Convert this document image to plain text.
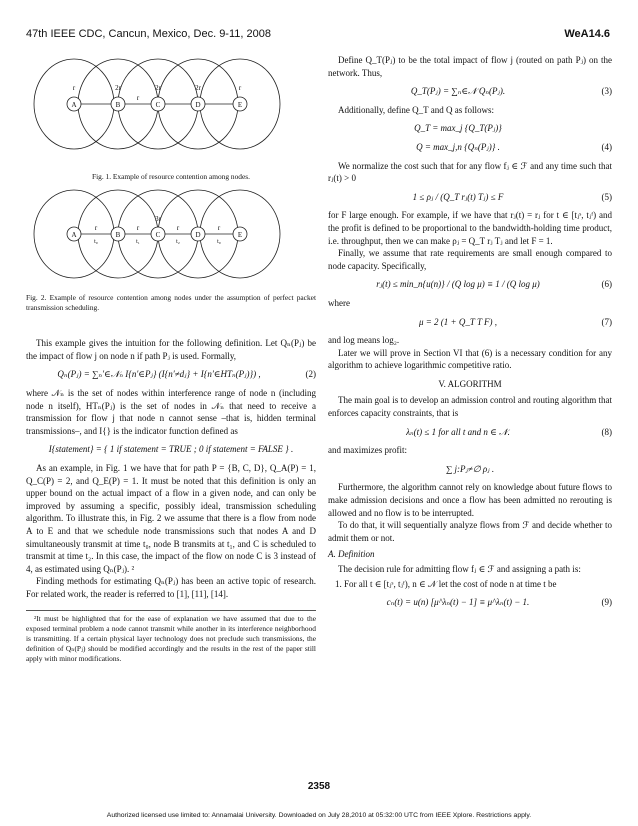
47th IEEE CDC, Cancun, Mexico, Dec. 9-11, 2008	WeA14.6
A	B	C	D	E
r	2r	2r	2r	r
r

Fig. 1. Example of resource contention among nodes.

A	B	C	D	E
r	r	r	r
3r
t₀	t₁	t₂	t₀

Fig. 2. Example of resource contention among nodes under the assumption of perfect packet transmission scheduling.

This example gives the intuition for the following definition. Let Qₙ(Pⱼ) be the impact of flow j on node n if path Pⱼ is used. Formally,

Qₙ(Pⱼ) = ∑ₙ′∈𝒩ₙ I{n′∈Pⱼ} (I{n′≠dⱼ} + I{n′∈HTₙ(Pⱼ)}) ,	(2)

where 𝒩ₙ is the set of nodes within interference range of node n (including node n itself), HTₙ(Pⱼ) is the set of nodes in 𝒩ₙ that need to receive a transmission for flow j that node n cannot sense –that is, hidden terminal transmissions–, and I{} is the indicator function defined as

I{statement} = { 1 if statement = TRUE ; 0 if statement = FALSE } .

As an example, in Fig. 1 we have that for path P = {B, C, D}, Q_A(P) = 1, Q_C(P) = 2, and Q_E(P) = 1. It must be noted that this definition is only an upper bound on the actual impact of a flow in a given node, and can only be improved by assuming a specific, possibly ideal, transmission scheduling algorithm. To illustrate this, in Fig. 2 we assume that there is a flow from node A to E and that we schedule node transmissions such that nodes A and D simultaneously transmit at time t₀, node B transmits at t₁, and C is scheduled to transmit at time t₂. In this case, the impact of the flow on node C is 3 instead of 4, as estimated using Qₙ(Pⱼ). ²

Finding methods for estimating Qₙ(Pⱼ) has been an active topic of research. For related work, the reader is referred to [1], [11], [14].

²It must be highlighted that for the ease of explanation we have assumed that due to the exposed terminal problem a node cannot transmit while another in its interference neighborhood is transmitting. If a certain physical layer technology does not preclude such transmissions, the definition of Qₙ(Pⱼ) should be modified accordingly and the results in the rest of the paper still apply with minor modifications.

Define Q_T(Pⱼ) to be the total impact of flow j (routed on path Pⱼ) on the network. Thus,

Q_T(Pⱼ) = ∑ₙ∈𝒩 Qₙ(Pⱼ).	(3)

Additionally, define Q_T and Q as follows:

Q_T = max_j {Q_T(Pⱼ)}
Q = max_j,n {Qₙ(Pⱼ)} .	(4)

We normalize the cost such that for any flow fⱼ ∈ ℱ and any time such that rⱼ(t) > 0

1 ≤ ρⱼ / (Q_T rⱼ(t) Tⱼ) ≤ F	(5)

for F large enough. For example, if we have that rⱼ(t) = rⱼ for t ∈ [tⱼˢ, tⱼᶠ) and the profit is defined to be proportional to the bandwidth-holding time product, i.e. throughput, then we can make ρⱼ = Q_T rⱼ Tⱼ and let F = 1.

Finally, we assume that rate requirements are small enough compared to node capacity. Specifically,

rⱼ(t) ≤ min_n{u(n)} / (Q log μ) ≡ 1 / (Q log μ)	(6)

where

μ = 2 (1 + Q_T T F) ,	(7)

and log means log₂.

Later we will prove in Section VI that (6) is a necessary condition for any algorithm to achieve logarithmic competitive ratio.

V. ALGORITHM

The main goal is to develop an admission control and routing algorithm that enforces capacity constraints, that is

λₙ(t) ≤ 1 for all t and n ∈ 𝒩.	(8)

and maximizes profit:

∑ j:Pⱼ≠∅ ρⱼ .

Furthermore, the algorithm cannot rely on knowledge about future flows to make admission decisions and once a flow has been admitted no rerouting is allowed and no flow is to be interrupted.

To do that, it will sequentially analyze flows from ℱ and decide whether to admit them or not.

A. Definition

The decision rule for admitting flow fⱼ ∈ ℱ and assigning a path is:

1. For all t ∈ [tⱼˢ, tⱼᶠ), n ∈ 𝒩 let the cost of node n at time t be
cₙ(t) = u(n) [μ^λₙ(t) − 1] ≡ μ^λₙ(t) − 1.	(9)
2358
Authorized licensed use limited to: Annamalai University. Downloaded on July 28,2010 at 05:32:00 UTC from IEEE Xplore. Restrictions apply.
